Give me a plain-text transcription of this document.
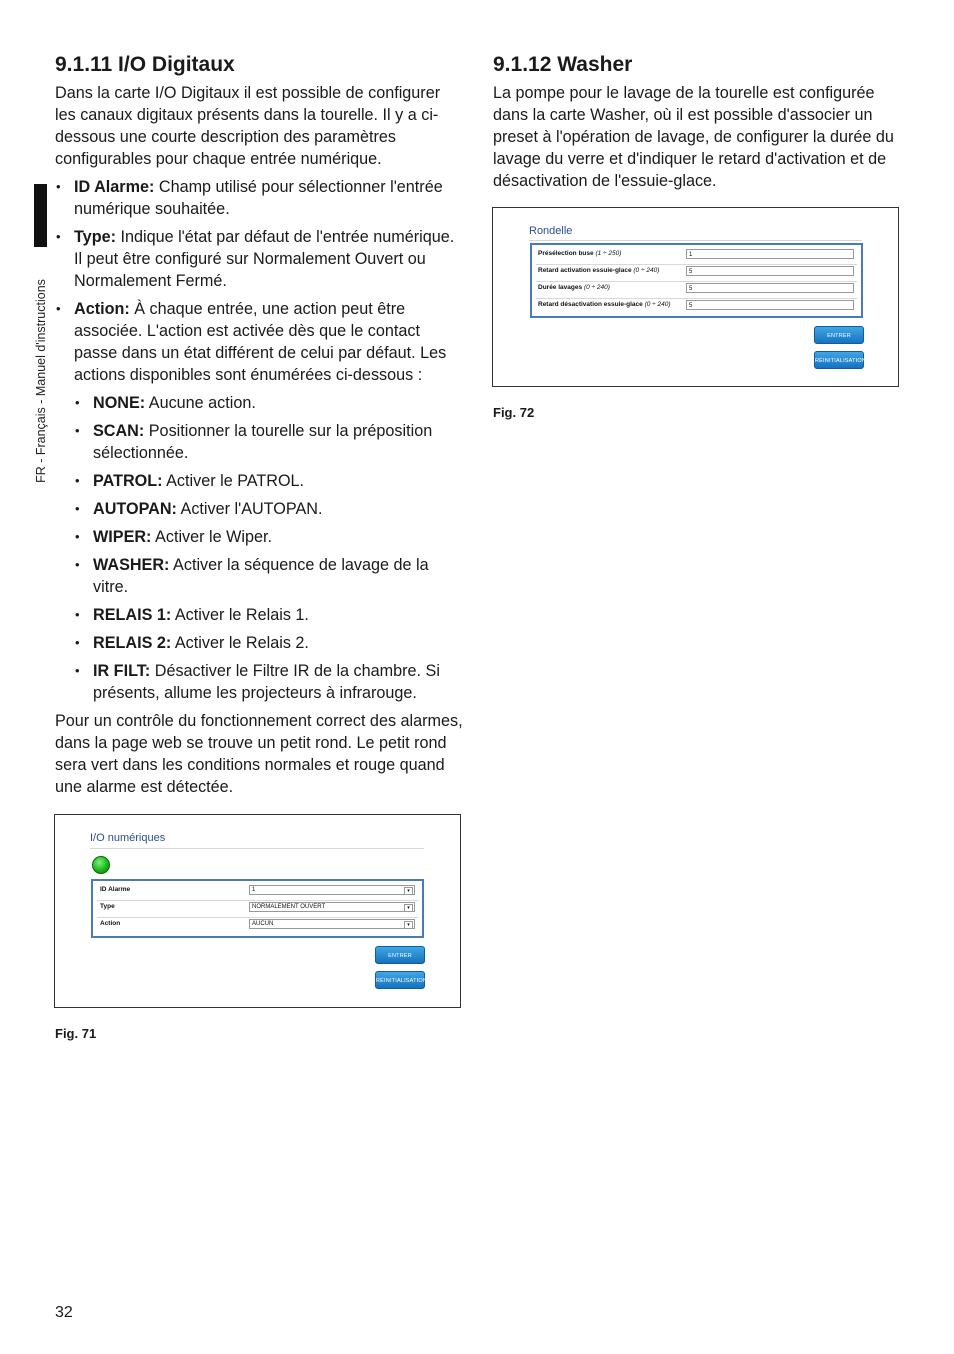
FR - Français - Manuel d'instructions
9.1.11 I/O Digitaux

Dans la carte I/O Digitaux il est possible de configurer les canaux digitaux présents dans la tourelle. Il y a ci-dessous une courte description des paramètres configurables pour chaque entrée numérique.

• ID Alarme: Champ utilisé pour sélectionner l'entrée numérique souhaitée.
• Type: Indique l'état par défaut de l'entrée numérique. Il peut être configuré sur Normalement Ouvert ou Normalement Fermé.
• Action: À chaque entrée, une action peut être associée. L'action est activée dès que le contact passe dans un état différent de celui par défaut. Les actions disponibles sont énumérées ci-dessous :
• NONE: Aucune action.
• SCAN: Positionner la tourelle sur la préposition sélectionnée.
• PATROL: Activer le PATROL.
• AUTOPAN: Activer l'AUTOPAN.
• WIPER: Activer le Wiper.
• WASHER: Activer la séquence de lavage de la vitre.
• RELAIS 1: Activer le Relais 1.
• RELAIS 2: Activer le Relais 2.
• IR FILT: Désactiver le Filtre IR de la chambre. Si présents, allume les projecteurs à infrarouge.

Pour un contrôle du fonctionnement correct des alarmes, dans la page web se trouve un petit rond. Le petit rond sera vert dans les conditions normales et rouge quand une alarme est détectée.

I/O numériques
ID Alarme	1	▾
Type	NORMALEMENT OUVERT	▾
Action	AUCUN	▾
ENTRER
RÉINITIALISATION
Fig. 71
9.1.12 Washer

La pompe pour le lavage de la tourelle est configurée dans la carte Washer, où il est possible d'associer un preset à l'opération de lavage, de configurer la durée du lavage du verre et d'indiquer le retard d'activation et de désactivation de l'essuie-glace.

Rondelle
Présélection buse (1 ÷ 250)	1
Retard activation essuie-glace (0 ÷ 240)	5
Durée lavages (0 ÷ 240)	5
Retard désactivation essuie-glace (0 ÷ 240)	5
ENTRER
RÉINITIALISATION
Fig. 72
32
